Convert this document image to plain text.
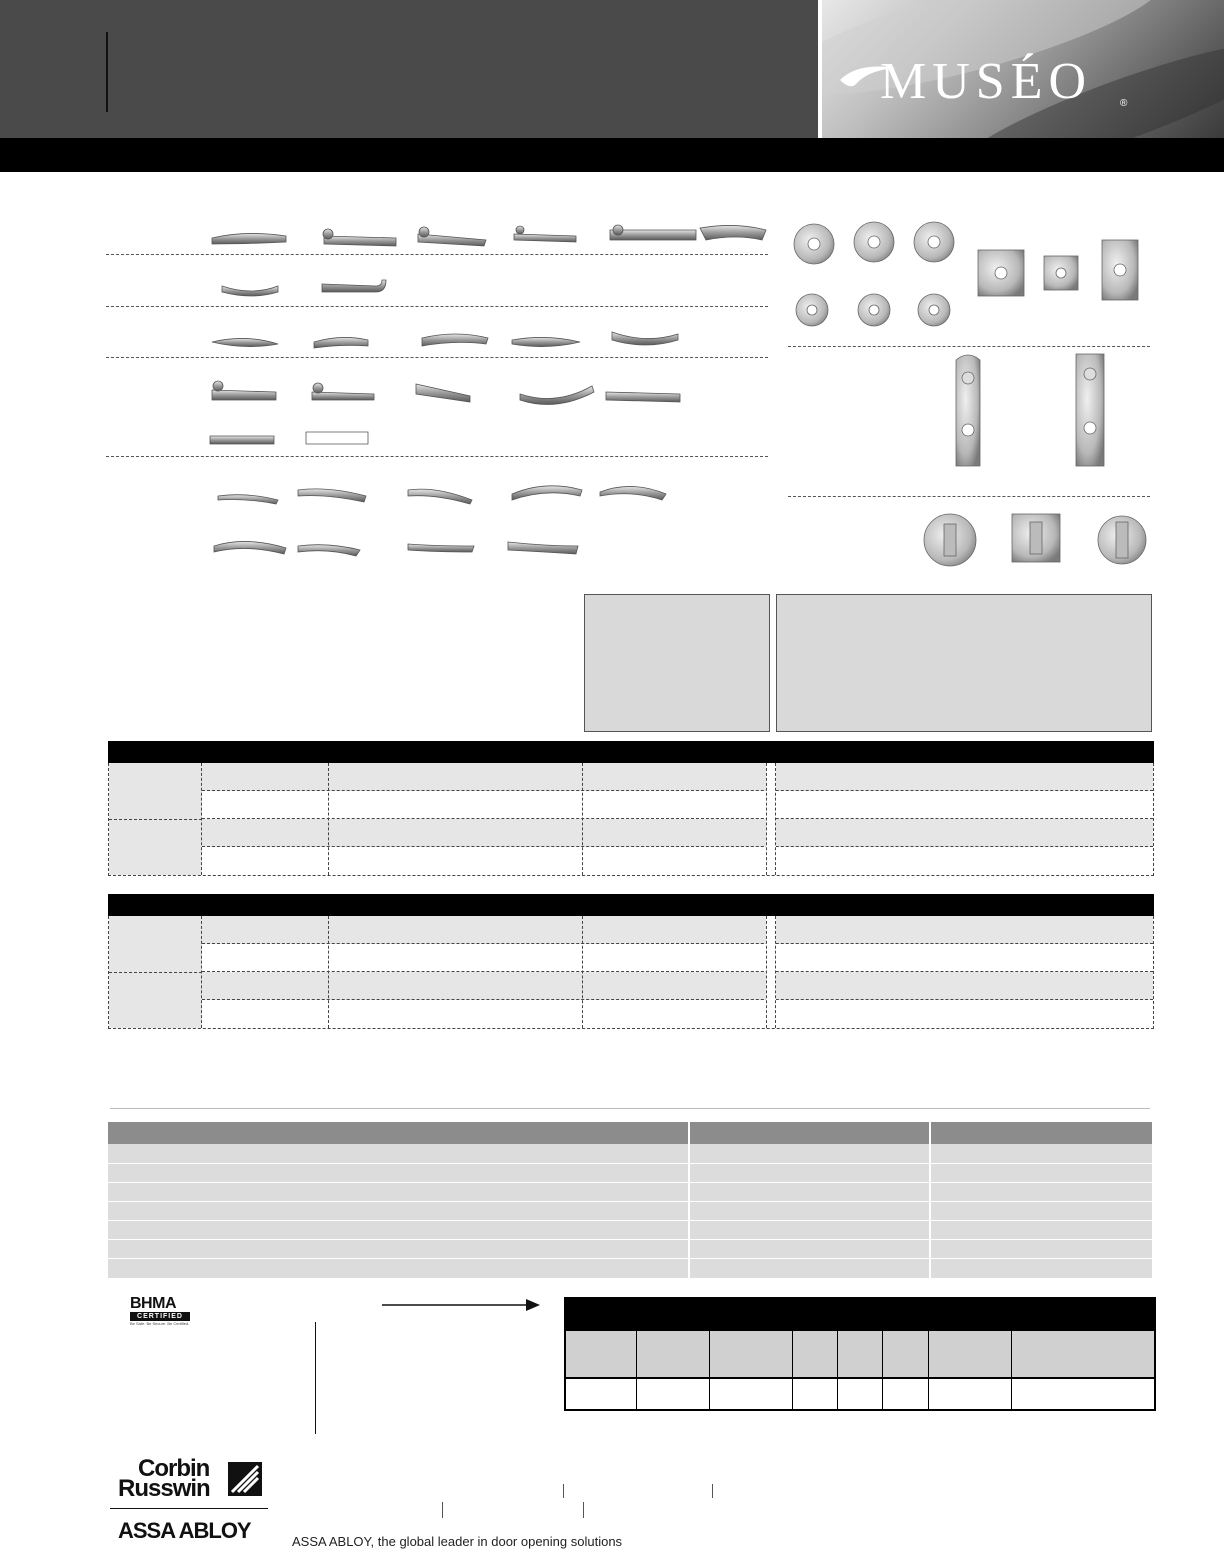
MUSÉO	®
BHMA
CERTIFIED
Be Safe. Be Secure. Be Certified.
Corbin
Russwin
ASSA ABLOY	ASSA ABLOY, the global leader in door opening solutions
